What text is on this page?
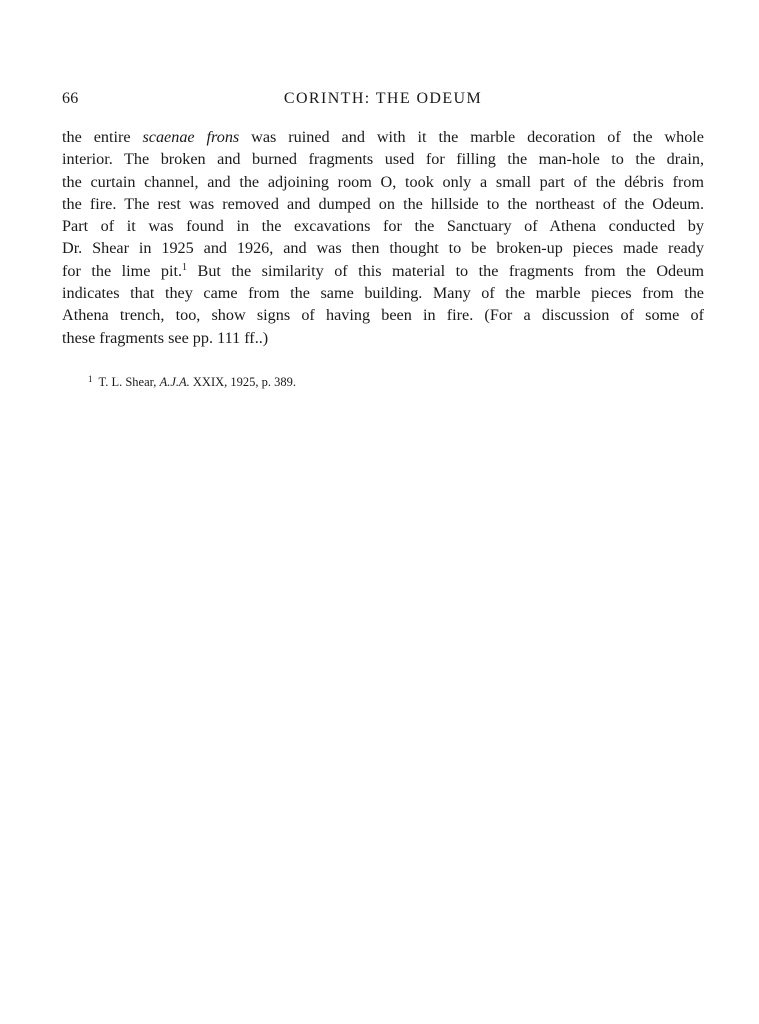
66	CORINTH: THE ODEUM
the entire scaenae frons was ruined and with it the marble decoration of the whole
interior. The broken and burned fragments used for filling the man-hole to the drain,
the curtain channel, and the adjoining room O, took only a small part of the débris from
the fire. The rest was removed and dumped on the hillside to the northeast of the Odeum.
Part of it was found in the excavations for the Sanctuary of Athena conducted by
Dr. Shear in 1925 and 1926, and was then thought to be broken-up pieces made ready
for the lime pit.$^1$ But the similarity of this material to the fragments from the Odeum
indicates that they came from the same building. Many of the marble pieces from the
Athena trench, too, show signs of having been in fire. (For a discussion of some of
these fragments see pp. 111 ff..)
$^1$ T. L. Shear, A.J.A. XXIX, 1925, p. 389.
